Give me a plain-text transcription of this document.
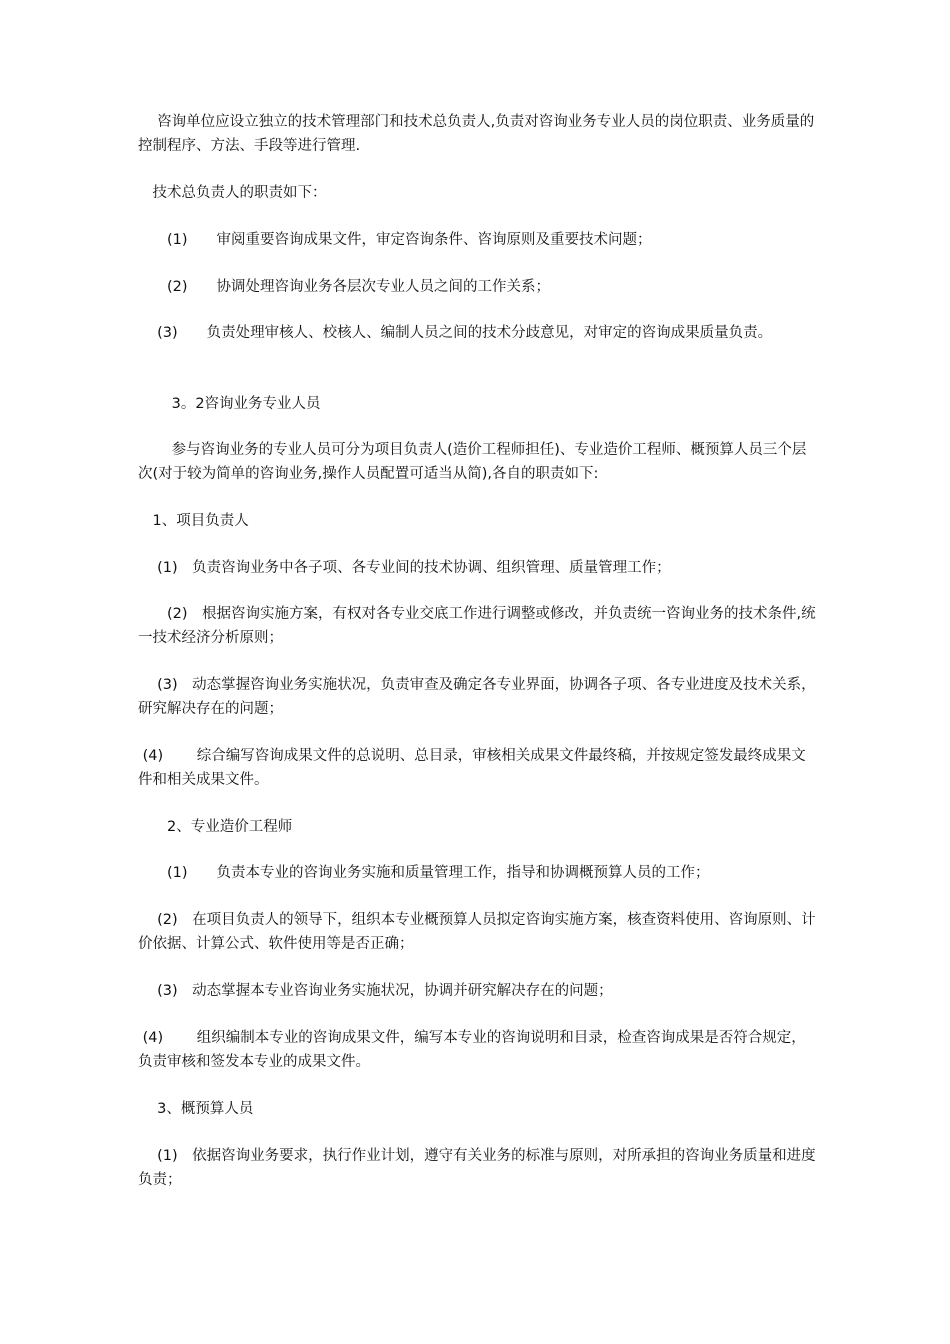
　 咨询单位应设立独立的技术管理部门和技术总负责人,负责对咨询业务专业人员的岗位职责、业务质量的控制程序、方法、手段等进行管理.

　技术总负责人的职责如下：

　　(1)　　审阅重要咨询成果文件，审定咨询条件、咨询原则及重要技术问题；

　　(2)　　协调处理咨询业务各层次专业人员之间的工作关系；

　 (3)　　负责处理审核人、校核人、编制人员之间的技术分歧意见，对审定的咨询成果质量负责。

　　 3。2咨询业务专业人员

　　 参与咨询业务的专业人员可分为项目负责人(造价工程师担任)、专业造价工程师、概预算人员三个层次(对于较为简单的咨询业务,操作人员配置可适当从简),各自的职责如下:

　1、项目负责人

　 (1)　负责咨询业务中各子项、各专业间的技术协调、组织管理、质量管理工作；

　　(2)　根据咨询实施方案，有权对各专业交底工作进行调整或修改，并负责统一咨询业务的技术条件,统一技术经济分析原则；

　 (3)　动态掌握咨询业务实施状况，负责审查及确定各专业界面，协调各子项、各专业进度及技术关系，研究解决存在的问题；

(4)　　 综合编写咨询成果文件的总说明、总目录，审核相关成果文件最终稿，并按规定签发最终成果文件和相关成果文件。

　　2、专业造价工程师

　　(1)　　负责本专业的咨询业务实施和质量管理工作，指导和协调概预算人员的工作；

　 (2)　在项目负责人的领导下，组织本专业概预算人员拟定咨询实施方案，核查资料使用、咨询原则、计价依据、计算公式、软件使用等是否正确；

　 (3)　动态掌握本专业咨询业务实施状况，协调并研究解决存在的问题；

(4)　　 组织编制本专业的咨询成果文件，编写本专业的咨询说明和目录，检查咨询成果是否符合规定，负责审核和签发本专业的成果文件。

　 3、概预算人员

　 (1)　依据咨询业务要求，执行作业计划，遵守有关业务的标准与原则，对所承担的咨询业务质量和进度负责；
